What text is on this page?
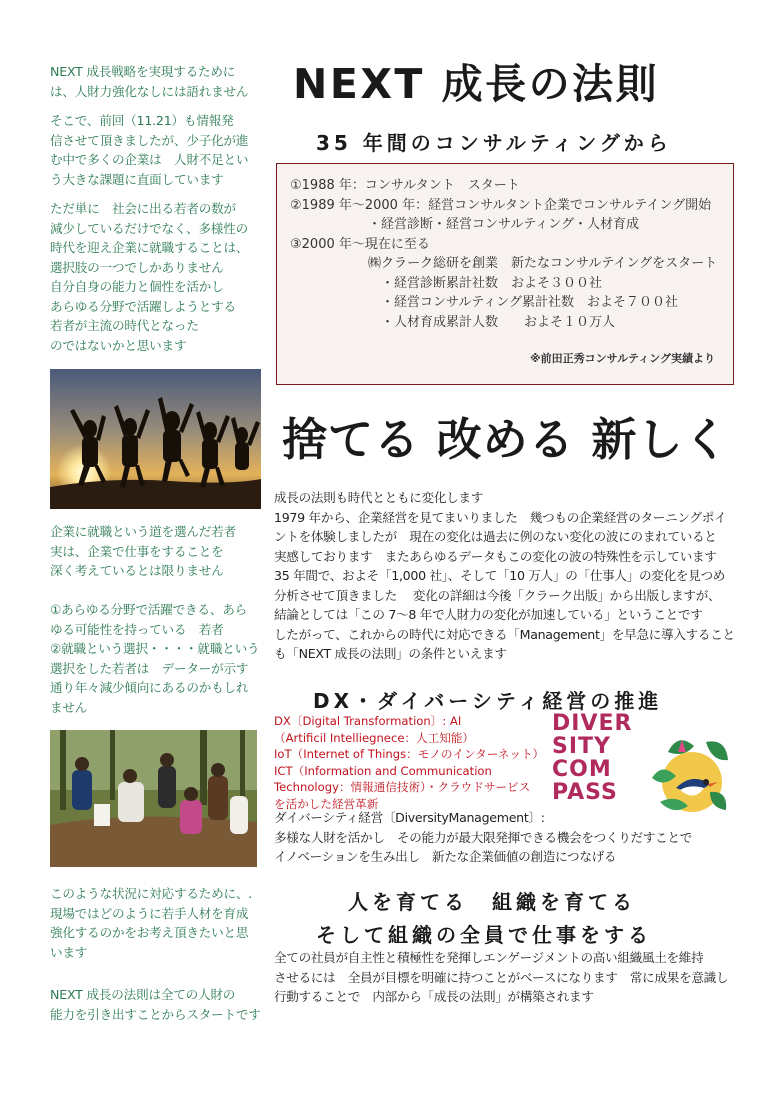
NEXT 成長戦略を実現するために
は、人財力強化なしには語れません

そこで、前回（11.21）も情報発
信させて頂きましたが、少子化が進
む中で多くの企業は　人財不足とい
う大きな課題に直面しています

ただ単に　社会に出る若者の数が
減少しているだけでなく、多様性の
時代を迎え企業に就職することは、
選択肢の一つでしかありません
自分自身の能力と個性を活かし
あらゆる分野で活躍しようとする
若者が主流の時代となった
のではないかと思います

企業に就職という道を選んだ若者
実は、企業で仕事をすることを
深く考えているとは限りません

①あらゆる分野で活躍できる、あら
ゆる可能性を持っている　若者
②就職という選択・・・・就職という
選択をした若者は　データーが示す
通り年々減少傾向にあるのかもしれ
ません

このような状況に対応するために、.
現場ではどのように若手人材を育成
強化するのかをお考え頂きたいと思
います

NEXT 成長の法則は全ての人財の
能力を引き出すことからスタートです

NEXT 成長の法則
35 年間のコンサルティングから

①1988 年：コンサルタント　スタート

②1989 年～2000 年：経営コンサルタント企業でコンサルテイング開始

　　　　　　・経営診断・経営コンサルティング・人材育成

③2000 年～現在に至る

　　　　　　㈱クラーク総研を創業　新たなコンサルテイングをスタート

　　　　　　　・経営診断累計社数　およそ３００社

　　　　　　　・経営コンサルティング累計社数　およそ７００社

　　　　　　　・人材育成累計人数　　およそ１０万人

※前田正秀コンサルティング実績より
捨てる 改める 新しく
成長の法則も時代とともに変化します
1979 年から、企業経営を見てまいりました　幾つもの企業経営のターニングポイ
ントを体験しましたが　現在の変化は過去に例のない変化の波にのまれていると
実感しております　またあらゆるデータもこの変化の波の特殊性を示しています
35 年間で、およそ「1,000 社」、そして「10 万人」の「仕事人」の変化を見つめ
分析させて頂きました　 変化の詳細は今後「クラーク出版」から出版しますが、
結論としては「この 7～8 年で人財力の変化が加速している」ということです
したがって、これからの時代に対応できる「Management」を早急に導入すること
も「NEXT 成長の法則」の条件といえます
DX・ダイバーシティ経営の推進
DX〔Digital Transformation〕: AI
（Artificil Intelliegnece：人工知能）
IoT（Internet of Things：モノのインターネット）
ICT（Information and Communication
Technology：情報通信技術）・クラウドサービス
を活かした経営革新
DIVER
SITY
COM
PASS
ダイバーシティ経営〔DiversityManagement〕:
多様な人財を活かし　その能力が最大限発揮できる機会をつくりだすことで
イノベーションを生み出し　新たな企業価値の創造につなげる
人を育てる　組織を育てる
そして組織の全員で仕事をする
全ての社員が自主性と積極性を発揮しエンゲージメントの高い組織風土を維持
させるには　全員が目標を明確に持つことがベースになります　常に成果を意識し
行動することで　内部から「成長の法則」が構築されます
